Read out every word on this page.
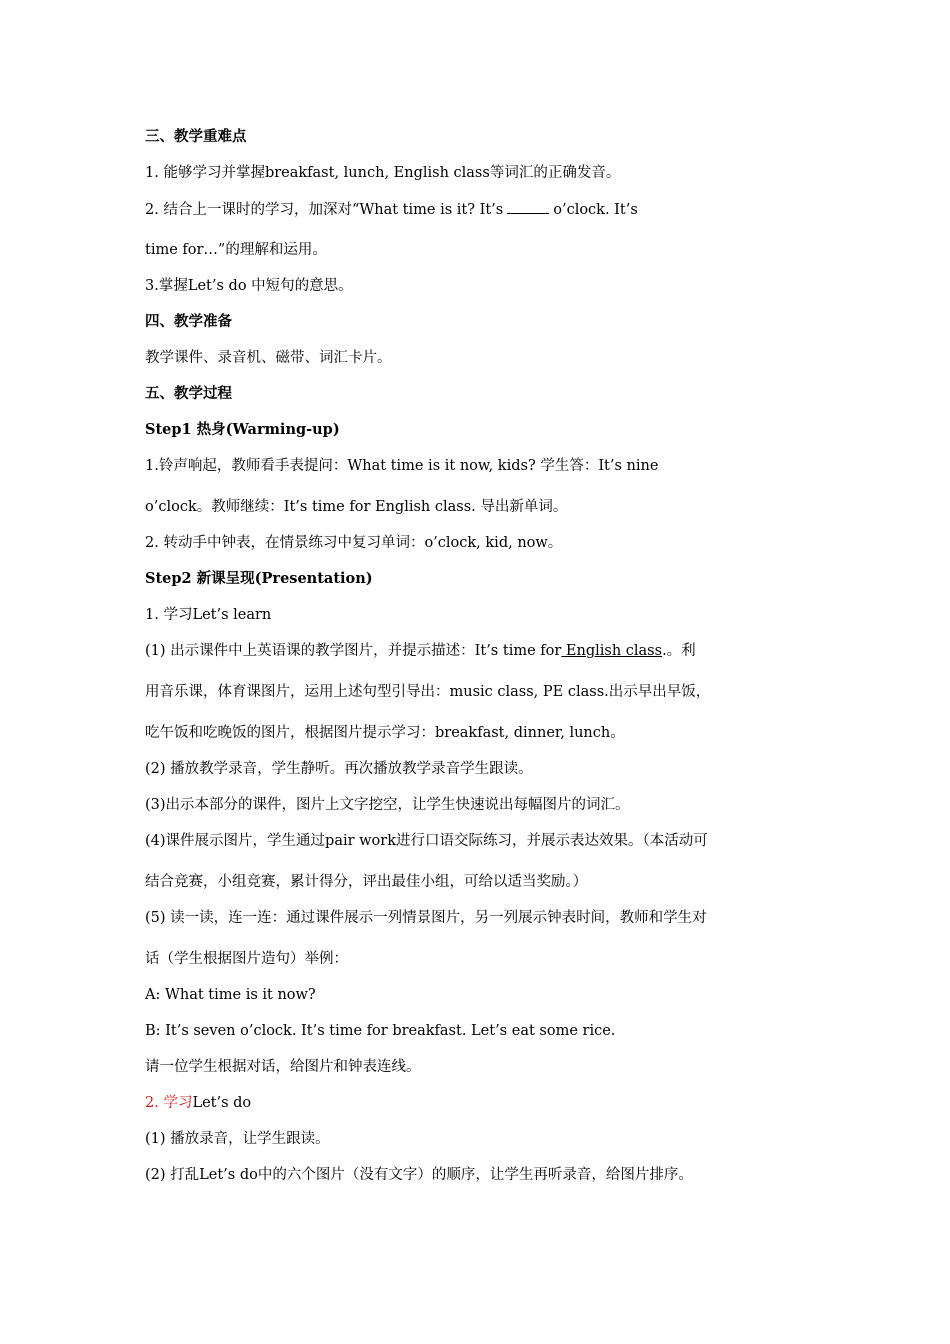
三、教学重难点
1. 能够学习并掌握breakfast, lunch, English class等词汇的正确发音。
2. 结合上一课时的学习，加深对“What time is it? It’s	o’clock. It’s
time for…”的理解和运用。
3.掌握Let’s do 中短句的意思。
四、教学准备
教学课件、录音机、磁带、词汇卡片。
五、教学过程
Step1 热身(Warming-up)
1.铃声响起，教师看手表提问：What time is it now, kids? 学生答：It’s nine
o’clock。教师继续：It’s time for English class. 导出新单词。
2. 转动手中钟表，在情景练习中复习单词：o’clock, kid, now。
Step2 新课呈现(Presentation)
1. 学习Let’s learn
(1) 出示课件中上英语课的教学图片，并提示描述：It’s time for English class.。利
用音乐课，体育课图片，运用上述句型引导出：music class, PE class.出示早出早饭，
吃午饭和吃晚饭的图片，根据图片提示学习：breakfast, dinner, lunch。
(2) 播放教学录音，学生静听。再次播放教学录音学生跟读。
(3)出示本部分的课件，图片上文字挖空，让学生快速说出每幅图片的词汇。
(4)课件展示图片，学生通过pair work进行口语交际练习，并展示表达效果。（本活动可
结合竞赛，小组竞赛，累计得分，评出最佳小组，可给以适当奖励。）
(5) 读一读，连一连：通过课件展示一列情景图片，另一列展示钟表时间，教师和学生对
话（学生根据图片造句）举例：
A: What time is it now?
B: It’s seven o’clock. It’s time for breakfast. Let’s eat some rice.
请一位学生根据对话，给图片和钟表连线。
2. 学习Let’s do
(1) 播放录音，让学生跟读。
(2) 打乱Let’s do中的六个图片（没有文字）的顺序，让学生再听录音，给图片排序。
